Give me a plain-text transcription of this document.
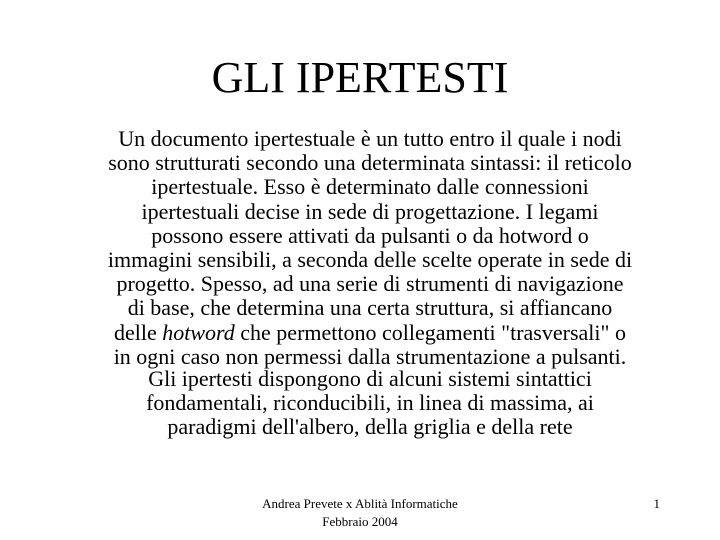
GLI IPERTESTI
Un documento ipertestuale è un tutto entro il quale i nodi
sono strutturati secondo una determinata sintassi: il reticolo
ipertestuale. Esso è determinato dalle connessioni
ipertestuali decise in sede di progettazione. I legami
possono essere attivati da pulsanti o da hotword o
immagini sensibili, a seconda delle scelte operate in sede di
progetto. Spesso, ad una serie di strumenti di navigazione
di base, che determina una certa struttura, si affiancano
delle hotword che permettono collegamenti "trasversali" o
in ogni caso non permessi dalla strumentazione a pulsanti.
Gli ipertesti dispongono di alcuni sistemi sintattici
fondamentali, riconducibili, in linea di massima, ai
paradigmi dell'albero, della griglia e della rete
Andrea Prevete x Ablità Informatiche
Febbraio 2004
1
